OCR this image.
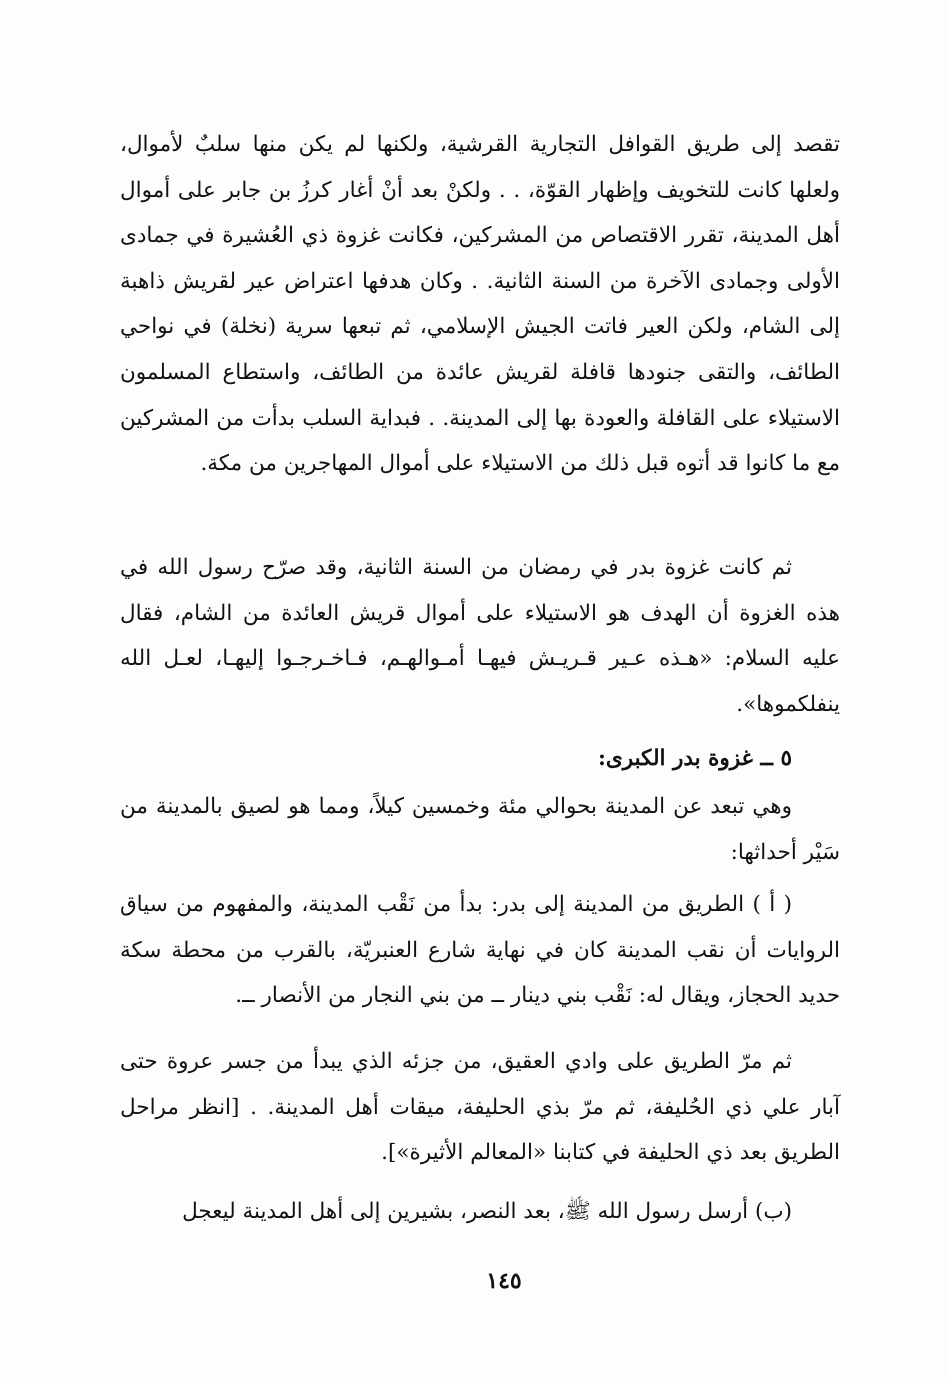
تقصد إلى طريق القوافل التجارية القرشية، ولكنها لم يكن منها سلبٌ لأموال، ولعلها كانت للتخويف وإظهار القوّة، . . ولكنْ بعد أنْ أغار كرزُ بن جابر على أموال أهل المدينة، تقرر الاقتصاص من المشركين، فكانت غزوة ذي العُشيرة في جمادى الأولى وجمادى الآخرة من السنة الثانية. . وكان هدفها اعتراض عير لقريش ذاهبة إلى الشام، ولكن العير فاتت الجيش الإسلامي، ثم تبعها سرية (نخلة) في نواحي الطائف، والتقى جنودها قافلة لقريش عائدة من الطائف، واستطاع المسلمون الاستيلاء على القافلة والعودة بها إلى المدينة. . فبداية السلب بدأت من المشركين مع ما كانوا قد أتوه قبل ذلك من الاستيلاء على أموال المهاجرين من مكة.

ثم كانت غزوة بدر في رمضان من السنة الثانية، وقد صرّح رسول الله في هذه الغزوة أن الهدف هو الاستيلاء على أموال قريش العائدة من الشام، فقال عليه السلام: «هـذه عـير قـريـش فيهـا أمـوالهـم، فـاخـرجـوا إليهـا، لعـل الله ينفلكموها».

٥ ــ غزوة بدر الكبرى:

وهي تبعد عن المدينة بحوالي مئة وخمسين كيلاً، ومما هو لصيق بالمدينة من سَيْر أحداثها:

( أ ) الطريق من المدينة إلى بدر: بدأ من نَقْب المدينة، والمفهوم من سياق الروايات أن نقب المدينة كان في نهاية شارع العنبريّة، بالقرب من محطة سكة حديد الحجاز، ويقال له: نَقْب بني دينار ــ من بني النجار من الأنصار ــ.

ثم مرّ الطريق على وادي العقيق، من جزئه الذي يبدأ من جسر عروة حتى آبار علي ذي الحُليفة، ثم مرّ بذي الحليفة، ميقات أهل المدينة. . [انظر مراحل الطريق بعد ذي الحليفة في كتابنا «المعالم الأثيرة»].

(ب) أرسل رسول الله ﷺ، بعد النصر، بشيرين إلى أهل المدينة ليعجل

١٤٥
